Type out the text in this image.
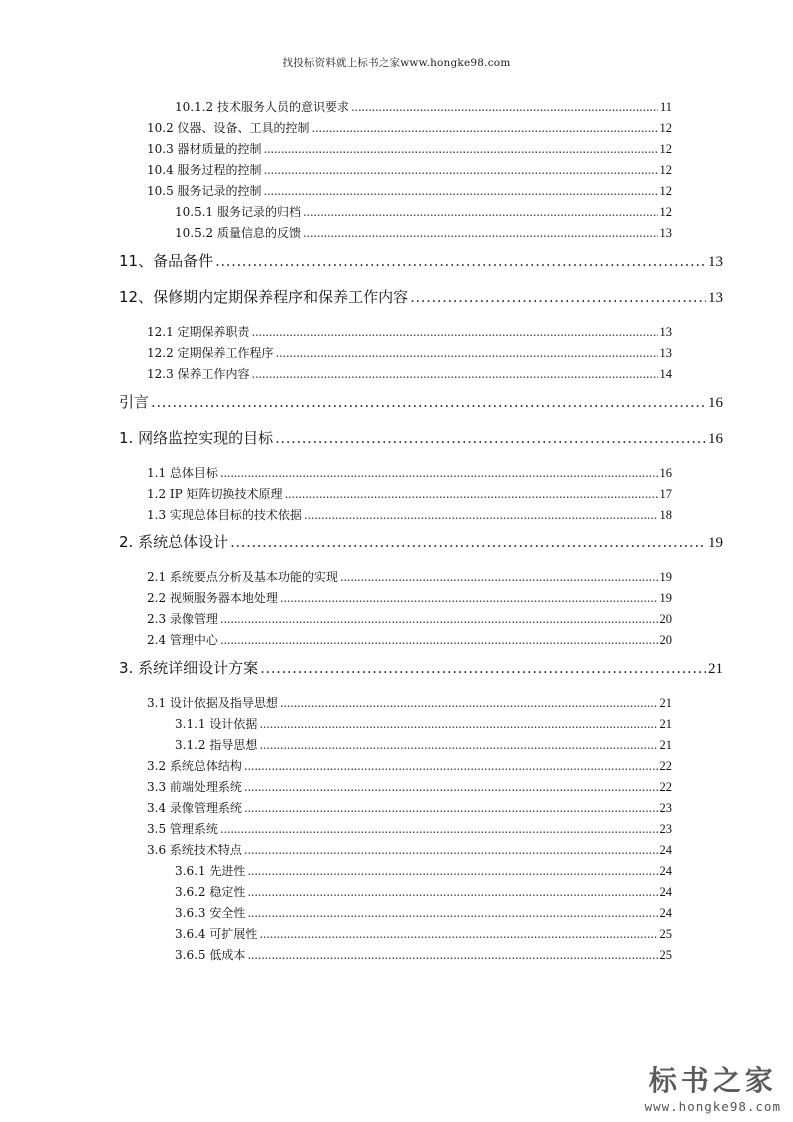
找投标资料就上标书之家www.hongke98.com
10.1.2 技术服务人员的意识要求 . . .	11
10.2 仪器、设备、工具的控制 . . .	12
10.3 器材质量的控制 . . .	12
10.4 服务过程的控制 . . .	12
10.5 服务记录的控制 . . .	12
10.5.1 服务记录的归档 . . .	12
10.5.2 质量信息的反馈 . . .	13
11、备品备件 . . .	13
12、保修期内定期保养程序和保养工作内容 . . .	13
12.1 定期保养职责 . . .	13
12.2 定期保养工作程序 . . .	13
12.3 保养工作内容 . . .	14
引言 . . .	16
1. 网络监控实现的目标 . . .	16
1.1 总体目标 . . .	16
1.2 IP 矩阵切换技术原理 . . .	17
1.3 实现总体目标的技术依据 . . .	18
2. 系统总体设计 . . .	19
2.1 系统要点分析及基本功能的实现 . . .	19
2.2 视频服务器本地处理 . . .	19
2.3 录像管理 . . .	20
2.4 管理中心 . . .	20
3. 系统详细设计方案 . . .	21
3.1 设计依据及指导思想 . . .	21
3.1.1 设计依据 . . .	21
3.1.2 指导思想 . . .	21
3.2 系统总体结构 . . .	22
3.3 前端处理系统 . . .	22
3.4 录像管理系统 . . .	23
3.5 管理系统 . . .	23
3.6 系统技术特点 . . .	24
3.6.1 先进性 . . .	24
3.6.2 稳定性 . . .	24
3.6.3 安全性 . . .	24
3.6.4 可扩展性 . . .	25
3.6.5 低成本 . . .	25
标书之家
www.hongke98.com
